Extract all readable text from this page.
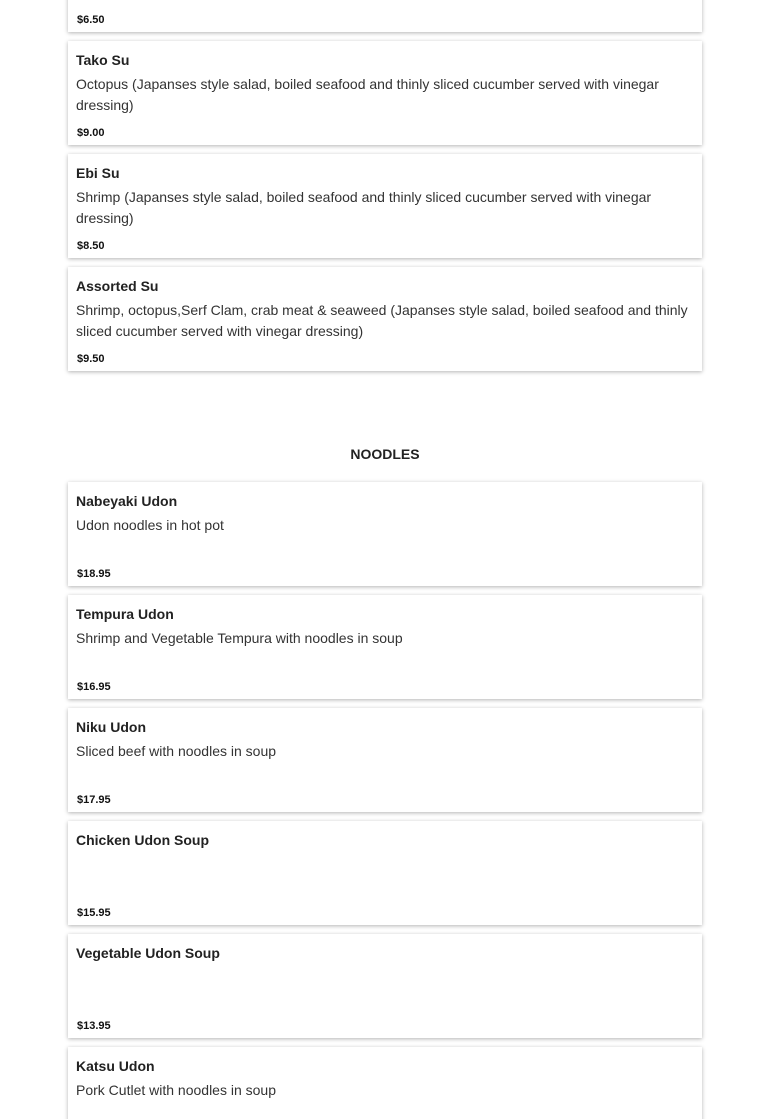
$6.50
Tako Su
Octopus (Japanses style salad, boiled seafood and thinly sliced cucumber served with vinegar dressing)
$9.00
Ebi Su
Shrimp (Japanses style salad, boiled seafood and thinly sliced cucumber served with vinegar dressing)
$8.50
Assorted Su
Shrimp, octopus,Serf Clam, crab meat & seaweed (Japanses style salad, boiled seafood and thinly sliced cucumber served with vinegar dressing)
$9.50
NOODLES
Nabeyaki Udon
Udon noodles in hot pot
$18.95
Tempura Udon
Shrimp and Vegetable Tempura with noodles in soup
$16.95
Niku Udon
Sliced beef with noodles in soup
$17.95
Chicken Udon Soup
$15.95
Vegetable Udon Soup
$13.95
Katsu Udon
Pork Cutlet with noodles in soup
